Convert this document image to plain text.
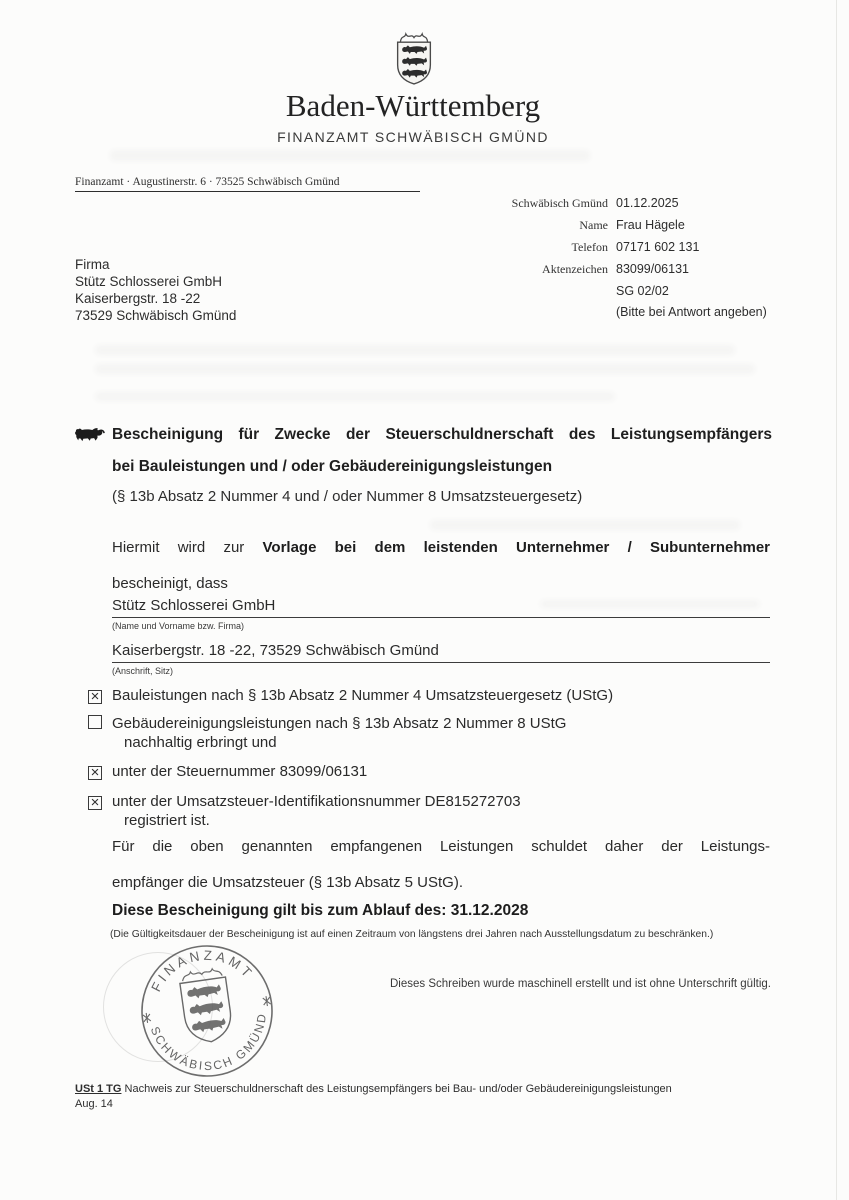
Baden-Württemberg
FINANZAMT SCHWÄBISCH GMÜND
Finanzamt · Augustinerstr. 6 · 73525 Schwäbisch Gmünd
Schwäbisch Gmünd 01.12.2025
Name Frau Hägele
Telefon 07171 602 131
Aktenzeichen 83099/06131
SG 02/02
(Bitte bei Antwort angeben)
Firma
Stütz Schlosserei GmbH
Kaiserbergstr. 18 -22
73529 Schwäbisch Gmünd
Bescheinigung für Zwecke der Steuerschuldnerschaft des Leistungsempfängers
bei Bauleistungen und / oder Gebäudereinigungsleistungen
(§ 13b Absatz 2 Nummer 4 und / oder Nummer 8 Umsatzsteuergesetz)
Hiermit wird zur Vorlage bei dem leistenden Unternehmer / Subunternehmer
bescheinigt, dass
Stütz Schlosserei GmbH
(Name und Vorname bzw. Firma)
Kaiserbergstr. 18 -22, 73529 Schwäbisch Gmünd
(Anschrift, Sitz)
× Bauleistungen nach § 13b Absatz 2 Nummer 4 Umsatzsteuergesetz (UStG)
Gebäudereinigungsleistungen nach § 13b Absatz 2 Nummer 8 UStG
nachhaltig erbringt und
× unter der Steuernummer 83099/06131
× unter der Umsatzsteuer-Identifikationsnummer DE815272703
registriert ist.
Für die oben genannten empfangenen Leistungen schuldet daher der Leistungs-
empfänger die Umsatzsteuer (§ 13b Absatz 5 UStG).
Diese Bescheinigung gilt bis zum Ablauf des: 31.12.2028
(Die Gültigkeitsdauer der Bescheinigung ist auf einen Zeitraum von längstens drei Jahren nach Ausstellungsdatum zu beschränken.)
FINANZAMT
SCHWÄBISCH GMÜND
Dieses Schreiben wurde maschinell erstellt und ist ohne Unterschrift gültig.
USt 1 TG Nachweis zur Steuerschuldnerschaft des Leistungsempfängers bei Bau- und/oder Gebäudereinigungsleistungen
Aug. 14
